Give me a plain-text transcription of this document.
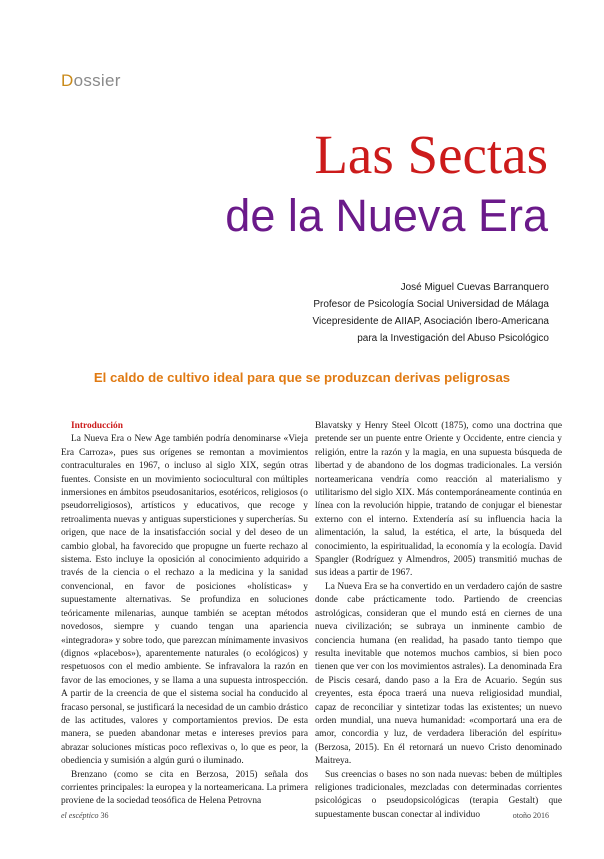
Dossier
Las Sectas
de la Nueva Era
José Miguel Cuevas Barranquero
Profesor de Psicología Social Universidad de Málaga
Vicepresidente de AIIAP, Asociación Ibero-Americana
para la Investigación del Abuso Psicológico
El caldo de cultivo ideal para que se produzcan derivas peligrosas
Introducción

La Nueva Era o New Age también podría denominarse «Vieja Era Carroza», pues sus orígenes se remontan a movimientos contraculturales en 1967, o incluso al siglo XIX, según otras fuentes. Consiste en un movimiento sociocultural con múltiples inmersiones en ámbitos pseudosanitarios, esotéricos, religiosos (o pseudorreligiosos), artísticos y educativos, que recoge y retroalimenta nuevas y antiguas supersticiones y supercherías. Su origen, que nace de la insatisfacción social y del deseo de un cambio global, ha favorecido que propugne un fuerte rechazo al sistema. Esto incluye la oposición al conocimiento adquirido a través de la ciencia o el rechazo a la medicina y la sanidad convencional, en favor de posiciones «holísticas» y supuestamente alternativas. Se profundiza en soluciones teóricamente milenarias, aunque también se aceptan métodos novedosos, siempre y cuando tengan una apariencia «integradora» y sobre todo, que parezcan mínimamente invasivos (dignos «placebos»), aparentemente naturales (o ecológicos) y respetuosos con el medio ambiente. Se infravalora la razón en favor de las emociones, y se llama a una supuesta introspección. A partir de la creencia de que el sistema social ha conducido al fracaso personal, se justificará la necesidad de un cambio drástico de las actitudes, valores y comportamientos previos. De esta manera, se pueden abandonar metas e intereses previos para abrazar soluciones místicas poco reflexivas o, lo que es peor, la obediencia y sumisión a algún gurú o iluminado.

Brenzano (como se cita en Berzosa, 2015) señala dos corrientes principales: la europea y la norteamericana. La primera proviene de la sociedad teosófica de Helena Petrovna

Blavatsky y Henry Steel Olcott (1875), como una doctrina que pretende ser un puente entre Oriente y Occidente, entre ciencia y religión, entre la razón y la magia, en una supuesta búsqueda de libertad y de abandono de los dogmas tradicionales. La versión norteamericana vendría como reacción al materialismo y utilitarismo del siglo XIX. Más contemporáneamente continúa en línea con la revolución hippie, tratando de conjugar el bienestar externo con el interno. Extendería así su influencia hacia la alimentación, la salud, la estética, el arte, la búsqueda del conocimiento, la espiritualidad, la economía y la ecología. David Spangler (Rodríguez y Almendros, 2005) transmitió muchas de sus ideas a partir de 1967.

La Nueva Era se ha convertido en un verdadero cajón de sastre donde cabe prácticamente todo. Partiendo de creencias astrológicas, consideran que el mundo está en ciernes de una nueva civilización; se subraya un inminente cambio de conciencia humana (en realidad, ha pasado tanto tiempo que resulta inevitable que notemos muchos cambios, si bien poco tienen que ver con los movimientos astrales). La denominada Era de Piscis cesará, dando paso a la Era de Acuario. Según sus creyentes, esta época traerá una nueva religiosidad mundial, capaz de reconciliar y sintetizar todas las existentes; un nuevo orden mundial, una nueva humanidad: «comportará una era de amor, concordia y luz, de verdadera liberación del espíritu» (Berzosa, 2015). En él retornará un nuevo Cristo denominado Maitreya.

Sus creencias o bases no son nada nuevas: beben de múltiples religiones tradicionales, mezcladas con determinadas corrientes psicológicas o pseudopsicológicas (terapia Gestalt) que supuestamente buscan conectar al individuo

el escéptico 36	otoño 2016
